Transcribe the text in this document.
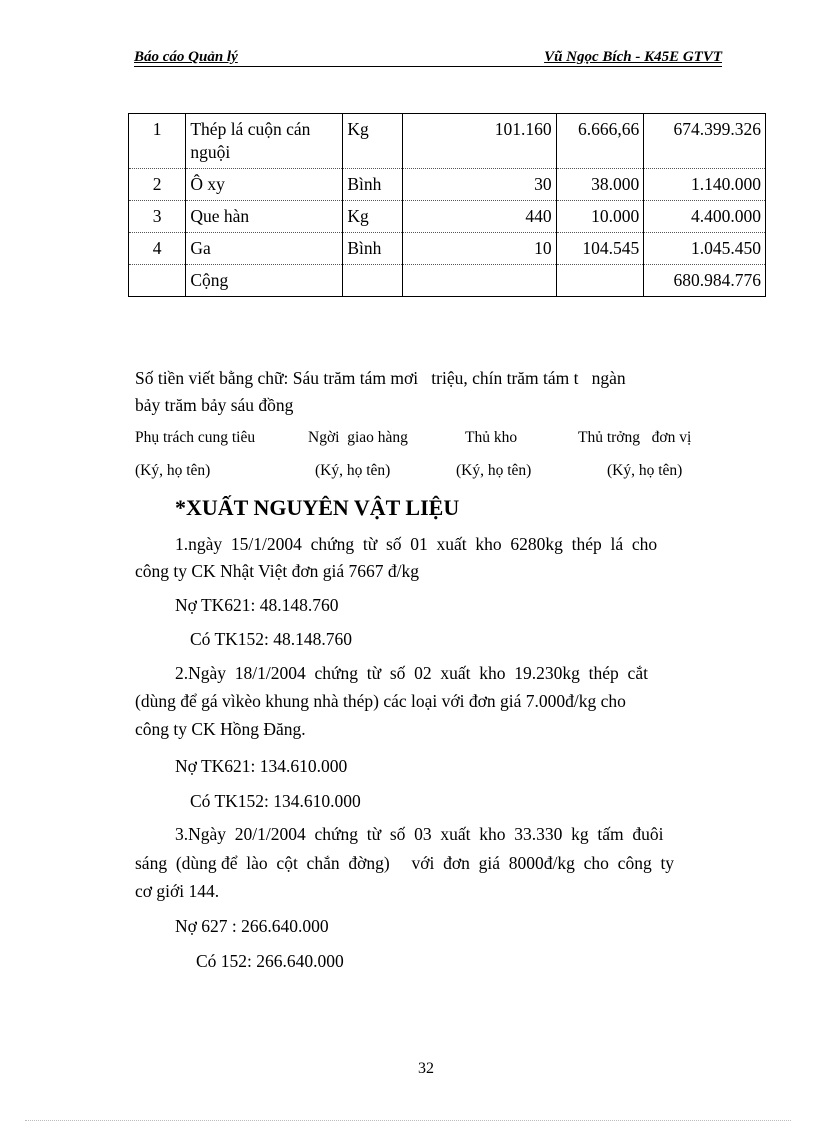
Báo cáo Quản lý	Vũ Ngọc Bích - K45E GTVT
1	Thép lá cuộn cán nguội	Kg	101.160	6.666,66	674.399.326
2	Ô xy	Bình	30	38.000	1.140.000
3	Que hàn	Kg	440	10.000	4.400.000
4	Ga	Bình	10	104.545	1.045.450
	Cộng				680.984.776
Số tiền viết bằng chữ: Sáu trăm tám mơi   triệu, chín trăm tám t   ngàn
bảy trăm bảy sáu đồng
Phụ trách cung tiêu	Ngời  giao hàng	Thủ kho	Thủ trởng   đơn vị
(Ký, họ tên)	(Ký, họ tên)	(Ký, họ tên)	(Ký, họ tên)
*XUẤT NGUYÊN VẬT LIỆU
1.ngày  15/1/2004  chứng  từ  số  01  xuất  kho  6280kg  thép  lá  cho
công ty CK Nhật Việt đơn giá 7667 đ/kg
Nợ TK621: 48.148.760
Có TK152: 48.148.760
2.Ngày  18/1/2004  chứng  từ  số  02  xuất  kho  19.230kg  thép  cắt
(dùng để gá vìkèo khung nhà thép) các loại với đơn giá 7.000đ/kg cho
công ty CK Hồng Đăng.
Nợ TK621: 134.610.000
Có TK152: 134.610.000
3.Ngày  20/1/2004  chứng  từ  số  03  xuất  kho  33.330  kg  tấm  đuôi
sáng  (dùng để  lào  cột  chắn  đờng)     với  đơn  giá  8000đ/kg  cho  công  ty
cơ giới 144.
Nợ 627 : 266.640.000
Có 152: 266.640.000
32
